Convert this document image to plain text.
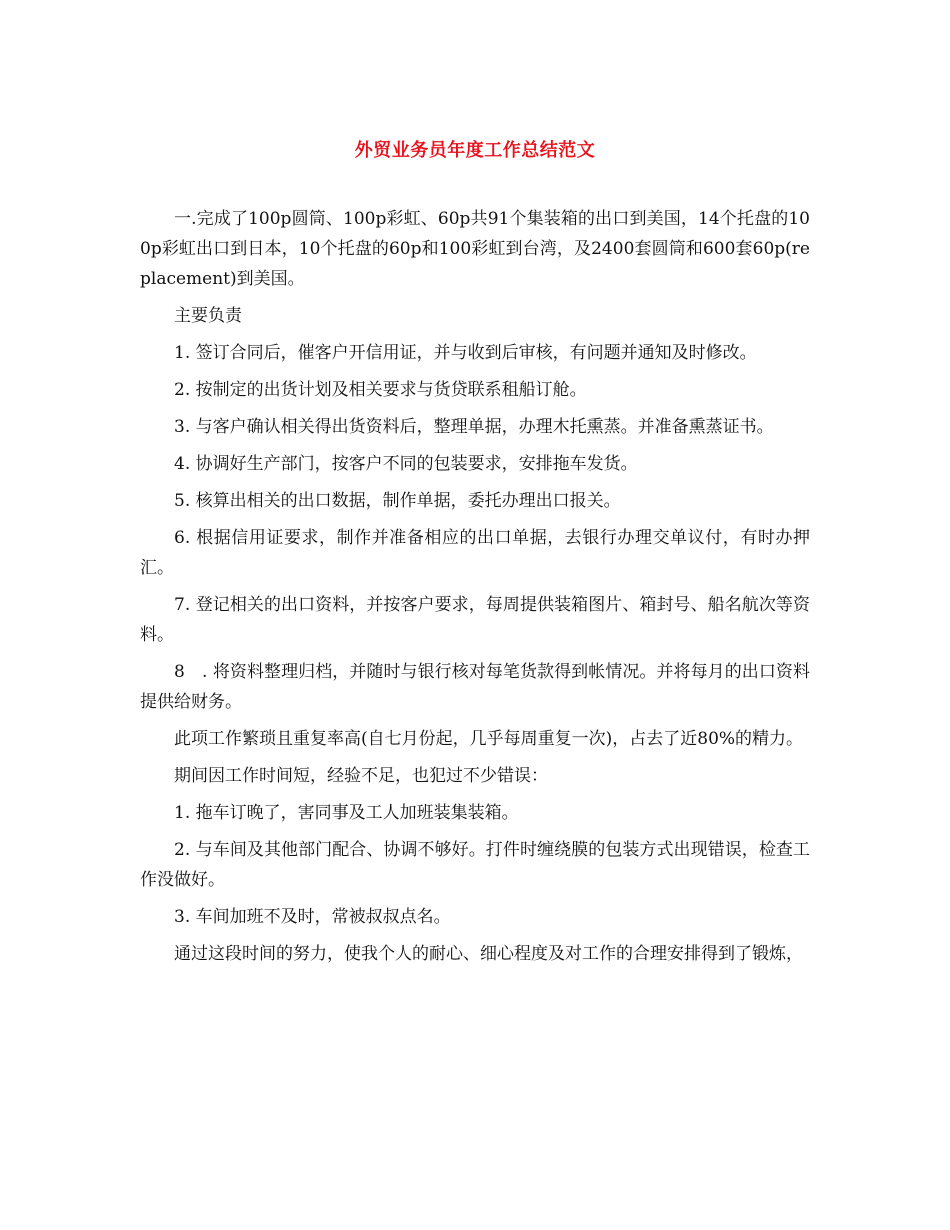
外贸业务员年度工作总结范文

一.完成了100p圆筒、100p彩虹、60p共91个集装箱的出口到美国，14个托盘的100p彩虹出口到日本，10个托盘的60p和100彩虹到台湾，及2400套圆筒和600套60p(replacement)到美国。

主要负责

1. 签订合同后，催客户开信用证，并与收到后审核，有问题并通知及时修改。

2. 按制定的出货计划及相关要求与货贷联系租船订舱。

3. 与客户确认相关得出货资料后，整理单据，办理木托熏蒸。并准备熏蒸证书。

4. 协调好生产部门，按客户不同的包装要求，安排拖车发货。

5. 核算出相关的出口数据，制作单据，委托办理出口报关。

6. 根据信用证要求，制作并准备相应的出口单据，去银行办理交单议付，有时办押汇。

7. 登记相关的出口资料，并按客户要求，每周提供装箱图片、箱封号、船名航次等资料。

8　. 将资料整理归档，并随时与银行核对每笔货款得到帐情况。并将每月的出口资料提供给财务。

此项工作繁琐且重复率高(自七月份起，几乎每周重复一次)，占去了近80%的精力。

期间因工作时间短，经验不足，也犯过不少错误：

1. 拖车订晚了，害同事及工人加班装集装箱。

2. 与车间及其他部门配合、协调不够好。打件时缠绕膜的包装方式出现错误，检查工作没做好。

3. 车间加班不及时，常被叔叔点名。

通过这段时间的努力，使我个人的耐心、细心程度及对工作的合理安排得到了锻炼，
